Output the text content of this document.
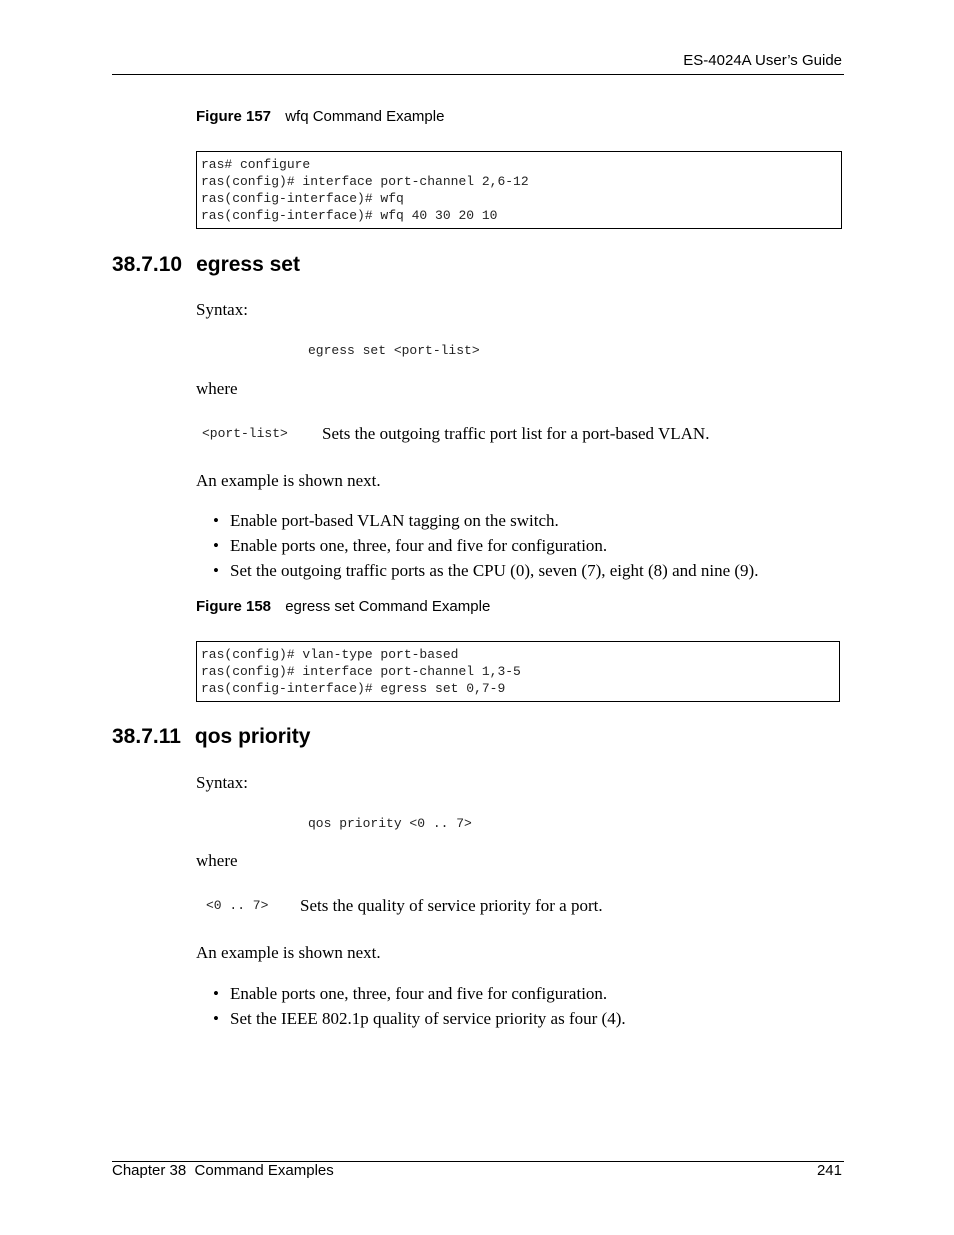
ES-4024A User’s Guide
Figure 157 wfq Command Example
ras# configure
ras(config)# interface port-channel 2,6-12
ras(config-interface)# wfq
ras(config-interface)# wfq 40 30 20 10
38.7.10 egress set
Syntax:
egress set <port-list>
where
<port-list> Sets the outgoing traffic port list for a port-based VLAN.
An example is shown next.
• Enable port-based VLAN tagging on the switch.
• Enable ports one, three, four and five for configuration.
• Set the outgoing traffic ports as the CPU (0), seven (7), eight (8) and nine (9).
Figure 158 egress set Command Example
ras(config)# vlan-type port-based
ras(config)# interface port-channel 1,3-5
ras(config-interface)# egress set 0,7-9
38.7.11 qos priority
Syntax:
qos priority <0 .. 7>
where
<0 .. 7> Sets the quality of service priority for a port.
An example is shown next.
• Enable ports one, three, four and five for configuration.
• Set the IEEE 802.1p quality of service priority as four (4).
Chapter 38  Command Examples	241
